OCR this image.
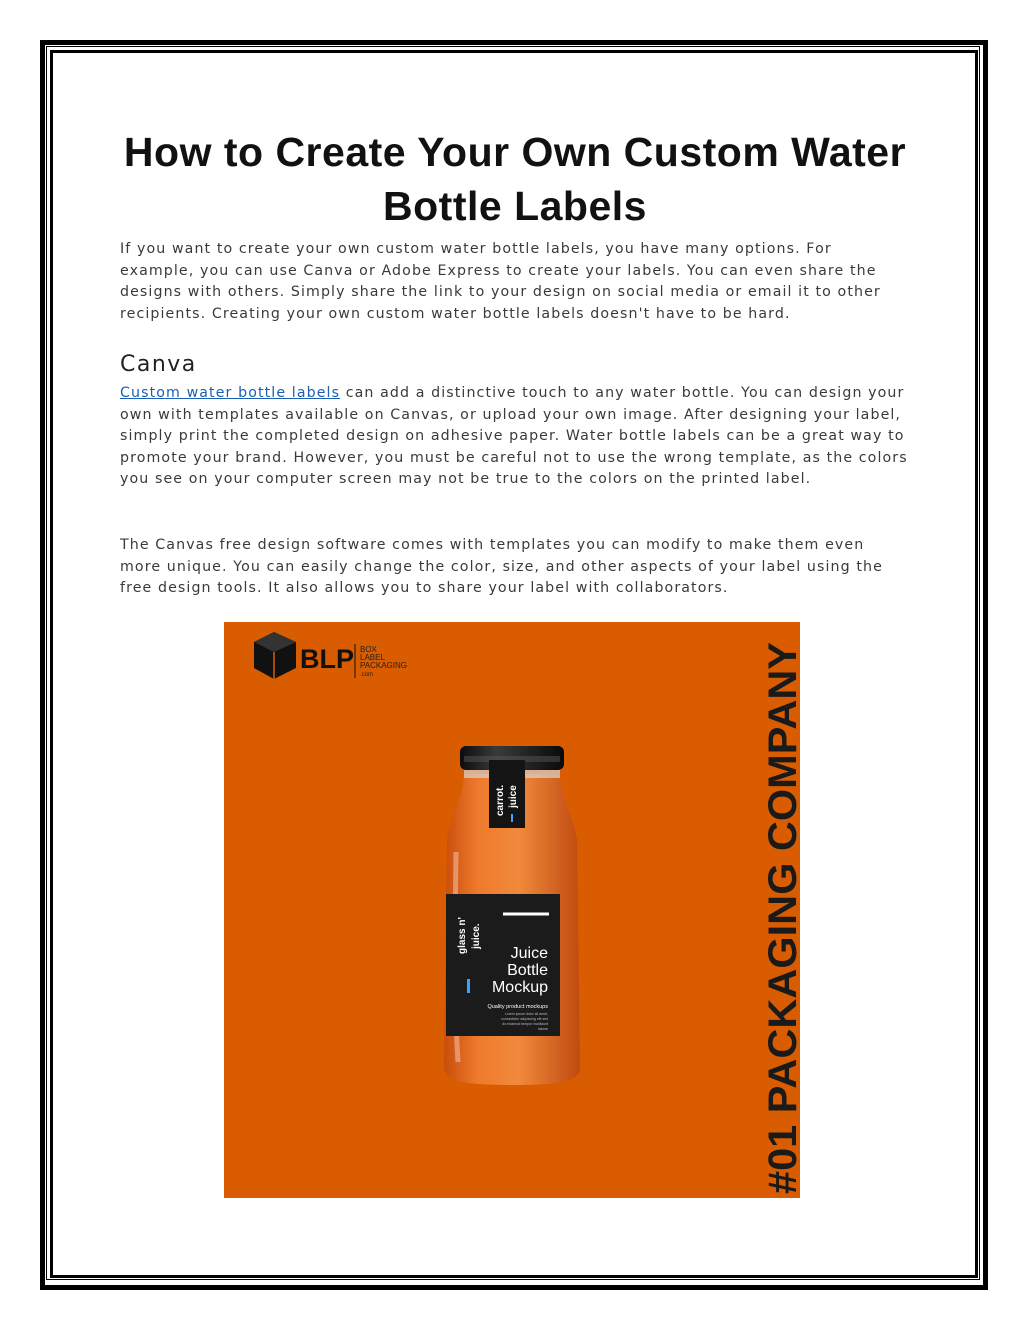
How to Create Your Own Custom Water Bottle Labels

If you want to create your own custom water bottle labels, you have many options. For example, you can use Canva or Adobe Express to create your labels. You can even share the designs with others. Simply share the link to your design on social media or email it to other recipients. Creating your own custom water bottle labels doesn't have to be hard.

Canva

Custom water bottle labels can add a distinctive touch to any water bottle. You can design your own with templates available on Canvas, or upload your own image. After designing your label, simply print the completed design on adhesive paper. Water bottle labels can be a great way to promote your brand. However, you must be careful not to use the wrong template, as the colors you see on your computer screen may not be true to the colors on the printed label.

The Canvas free design software comes with templates you can modify to make them even more unique. You can easily change the color, size, and other aspects of your label using the free design tools. It also allows you to share your label with collaborators.

BLP BOX
LABEL
PACKAGING
.com	#01 PACKAGING COMPANY
carrot. juice
glass n' juice.
Juice
Bottle
Mockup
Quality product mockups
Lorem ipsum dolor sit amet,
consectetur adipiscing elit sed
do eiusmod tempor incididunt
labore
